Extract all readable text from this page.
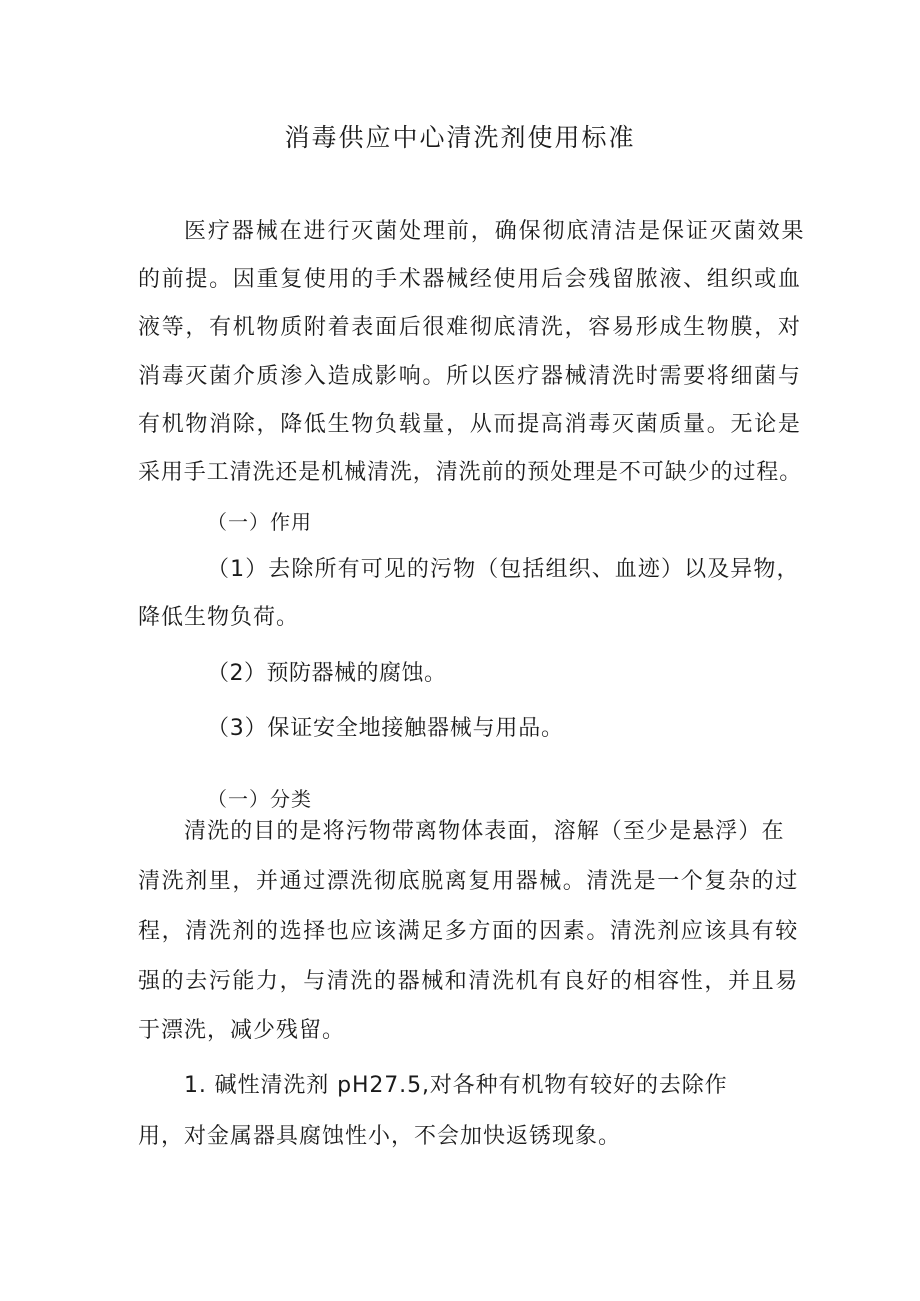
消毒供应中心清洗剂使用标准
医疗器械在进行灭菌处理前，确保彻底清洁是保证灭菌效果
的前提。因重复使用的手术器械经使用后会残留脓液、组织或血
液等，有机物质附着表面后很难彻底清洗，容易形成生物膜，对
消毒灭菌介质渗入造成影响。所以医疗器械清洗时需要将细菌与
有机物消除，降低生物负载量，从而提高消毒灭菌质量。无论是
采用手工清洗还是机械清洗，清洗前的预处理是不可缺少的过程。
（一）作用
（1）去除所有可见的污物（包括组织、血迹）以及异物，
降低生物负荷。
（2）预防器械的腐蚀。
（3）保证安全地接触器械与用品。
（一）分类
清洗的目的是将污物带离物体表面，溶解（至少是悬浮）在
清洗剂里，并通过漂洗彻底脱离复用器械。清洗是一个复杂的过
程，清洗剂的选择也应该满足多方面的因素。清洗剂应该具有较
强的去污能力，与清洗的器械和清洗机有良好的相容性，并且易
于漂洗，减少残留。
1. 碱性清洗剂 pH27.5,对各种有机物有较好的去除作
用，对金属器具腐蚀性小，不会加快返锈现象。
